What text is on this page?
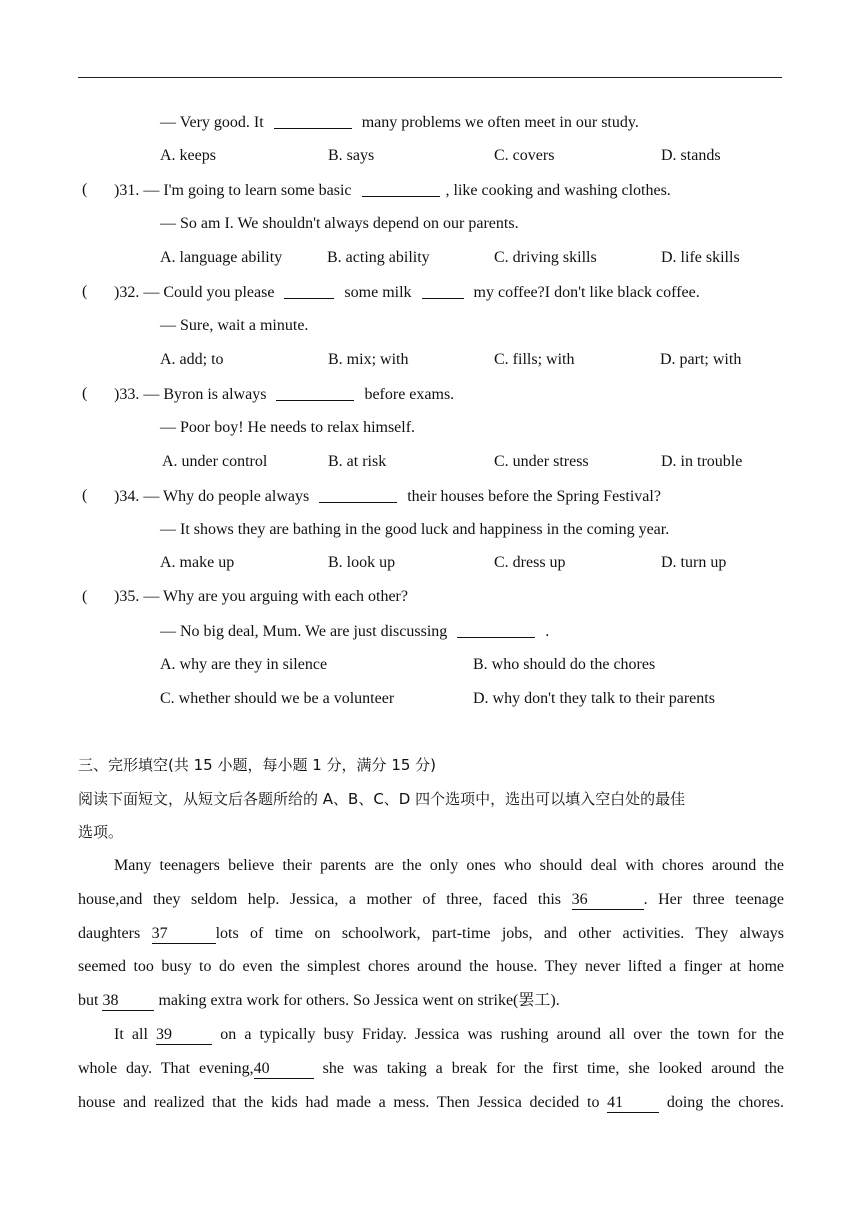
— Very good. It	many problems we often meet in our study.
A. keeps	B. says	C. covers	D. stands
( )31. — I'm going to learn some basic	, like cooking and washing clothes.
— So am I. We shouldn't always depend on our parents.
A. language ability	B. acting ability	C. driving skills	D. life skills
( )32. — Could you please	some milk	my coffee?I don't like black coffee.
— Sure, wait a minute.
A. add; to	B. mix; with	C. fills; with	D. part; with
( )33. — Byron is always	before exams.
— Poor boy! He needs to relax himself.
A. under control	B. at risk	C. under stress	D. in trouble
( )34. — Why do people always	their houses before the Spring Festival?
— It shows they are bathing in the good luck and happiness in the coming year.
A. make up	B. look up	C. dress up	D. turn up
( )35. — Why are you arguing with each other?
— No big deal, Mum. We are just discussing	.
A. why are they in silence	B. who should do the chores
C. whether should we be a volunteer	D. why don't they talk to their parents
三、完形填空(共 15 小题，每小题 1 分，满分 15 分)
阅读下面短文，从短文后各题所给的 A、B、C、D 四个选项中，选出可以填入空白处的最佳
选项。
Many teenagers believe their parents are the only ones who should deal with chores around the
house,and they seldom help. Jessica, a mother of three, faced this 36	. Her three teenage
daughters 37	lots of time on schoolwork, part-time jobs, and other activities. They always
seemed too busy to do even the simplest chores around the house. They never lifted a finger at home
but 38	making extra work for others. So Jessica went on strike(罢工).
It all 39	on a typically busy Friday. Jessica was rushing around all over the town for the
whole day. That evening,40	she was taking a break for the first time, she looked around the
house and realized that the kids had made a mess. Then Jessica decided to 41	doing the chores.
